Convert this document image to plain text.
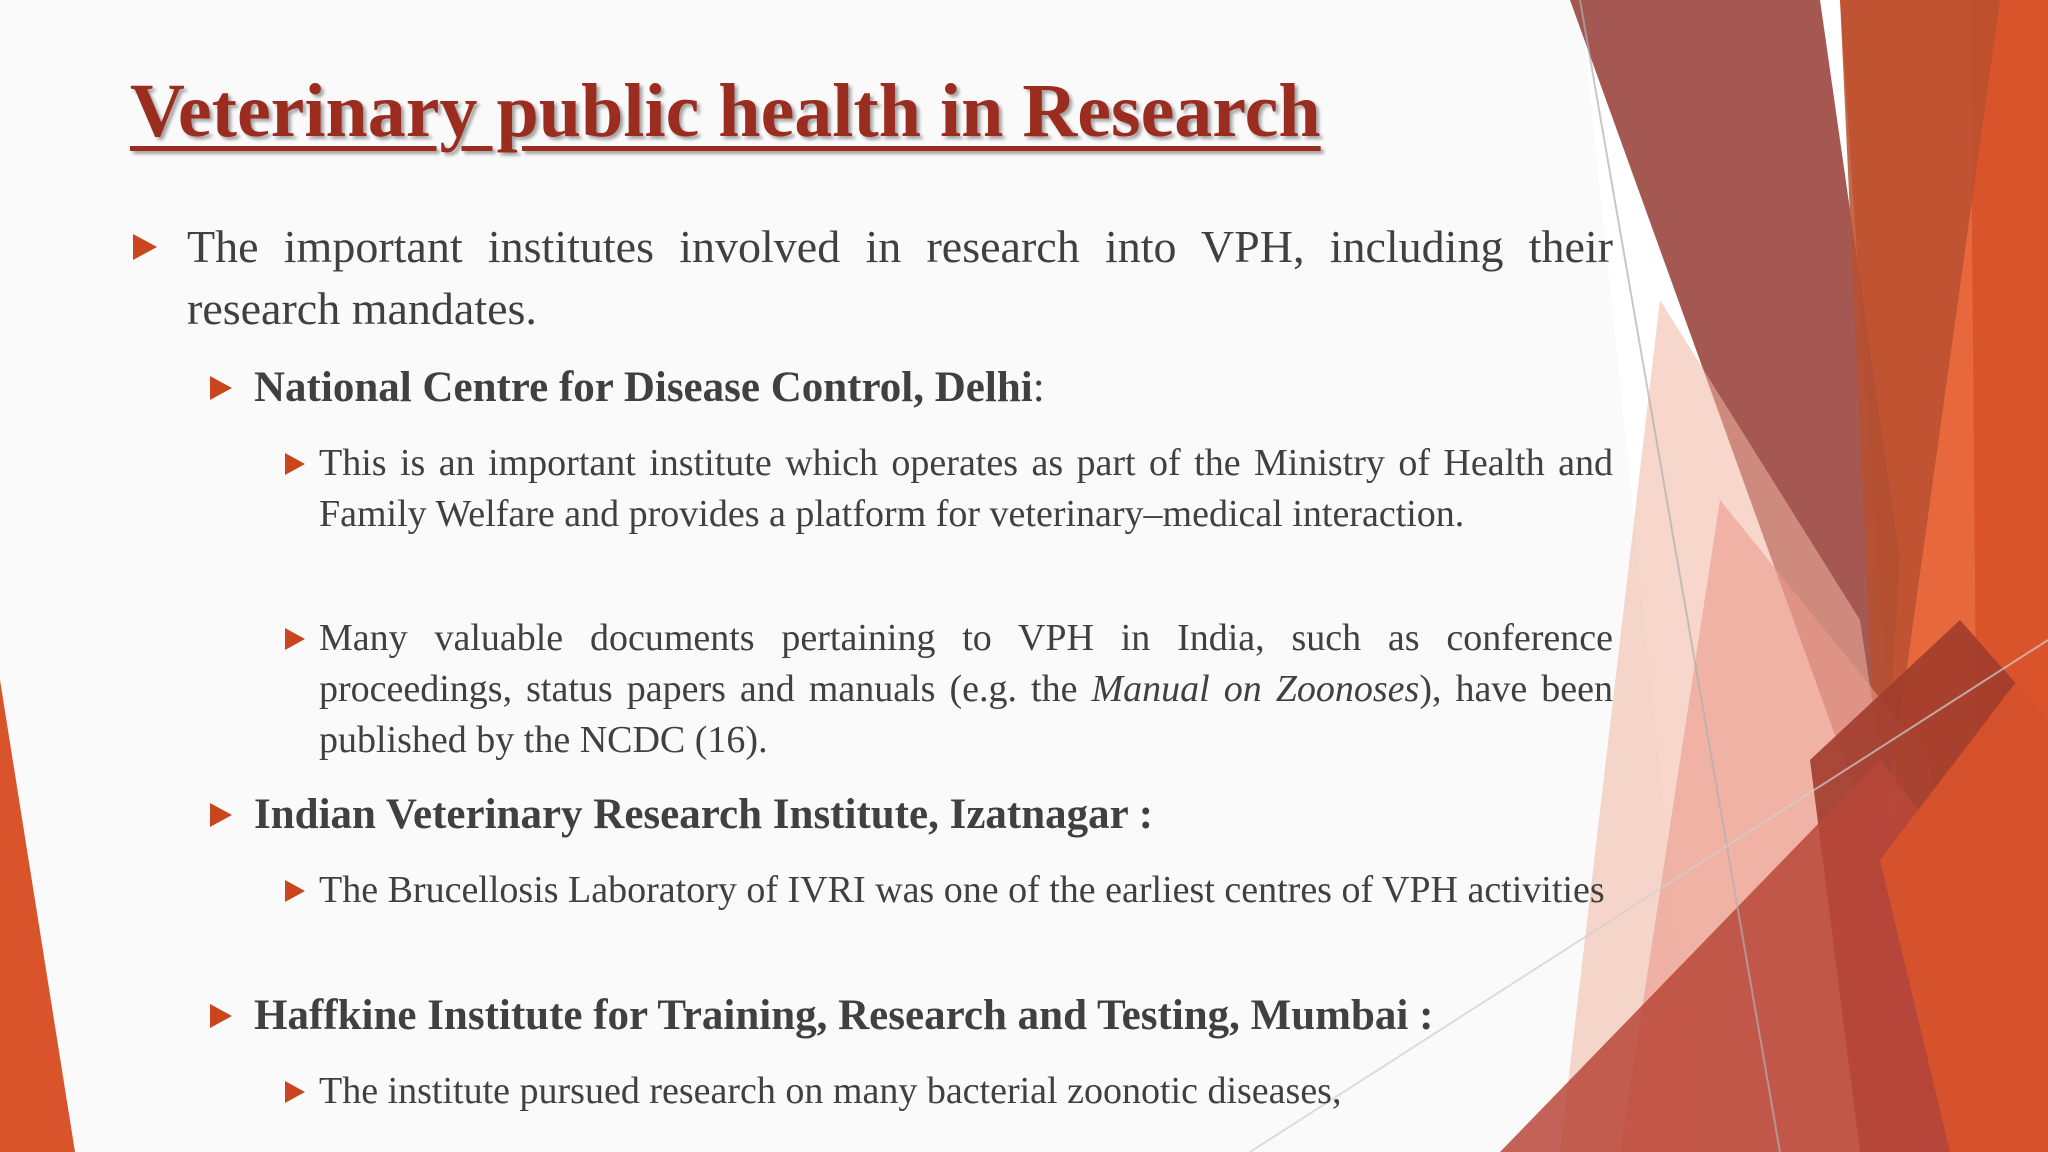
Veterinary public health in Research
The important institutes involved in research into VPH, including their research mandates.
National Centre for Disease Control, Delhi:
This is an important institute which operates as part of the Ministry of Health and Family Welfare and provides a platform for veterinary–medical interaction.
Many valuable documents pertaining to VPH in India, such as conference proceedings, status papers and manuals (e.g. the Manual on Zoonoses), have been published by the NCDC (16).
Indian Veterinary Research Institute, Izatnagar :
The Brucellosis Laboratory of IVRI was one of the earliest centres of VPH activities
Haffkine Institute for Training, Research and Testing, Mumbai :
The institute pursued research on many bacterial zoonotic diseases,
